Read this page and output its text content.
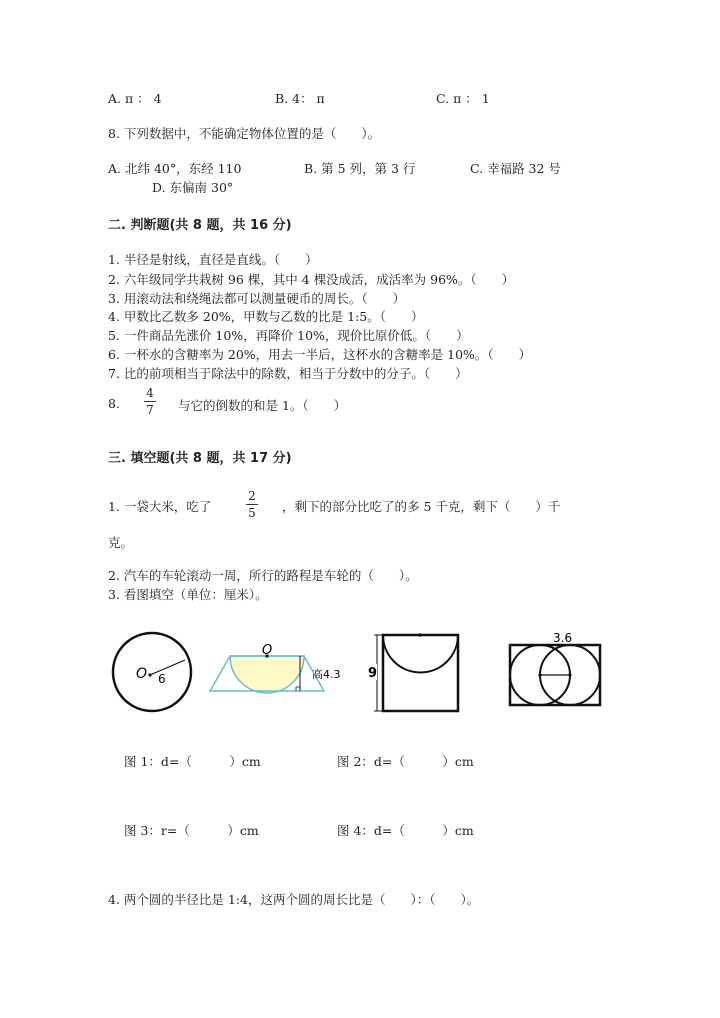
A. π ： 4	B. 4： π	C. π ： 1
8. 下列数据中，不能确定物体位置的是（　　）。
A. 北纬 40°，东经 110	B. 第 5 列，第 3 行	C. 幸福路 32 号
D. 东偏南 30°
二. 判断题(共 8 题，共 16 分)
1. 半径是射线，直径是直线。（　　）
2. 六年级同学共栽树 96 棵，其中 4 棵没成活，成活率为 96%。（　　）
3. 用滚动法和绕绳法都可以测量硬币的周长。（　　）
4. 甲数比乙数多 20%，甲数与乙数的比是 1:5。（　　）
5. 一件商品先涨价 10%，再降价 10%，现价比原价低。（　　）
6. 一杯水的含糖率为 20%，用去一半后，这杯水的含糖率是 10%。（　　）
7. 比的前项相当于除法中的除数，相当于分数中的分子。（　　）
8.
4
7 与它的倒数的和是 1。（　　）
三. 填空题(共 8 题，共 17 分)
1. 一袋大米，吃了
2
5 ，剩下的部分比吃了的多 5 千克，剩下（　　）千
克。
2. 汽车的车轮滚动一周，所行的路程是车轮的（　　）。
3. 看图填空（单位：厘米）。
O 6
O
高4.3 9
3.6
图 1：d=（　　　）cm	图 2：d=（　　　）cm
图 3：r=（　　　）cm	图 4：d=（　　　）cm
4. 两个圆的半径比是 1:4，这两个圆的周长比是（　　）：（　　）。
